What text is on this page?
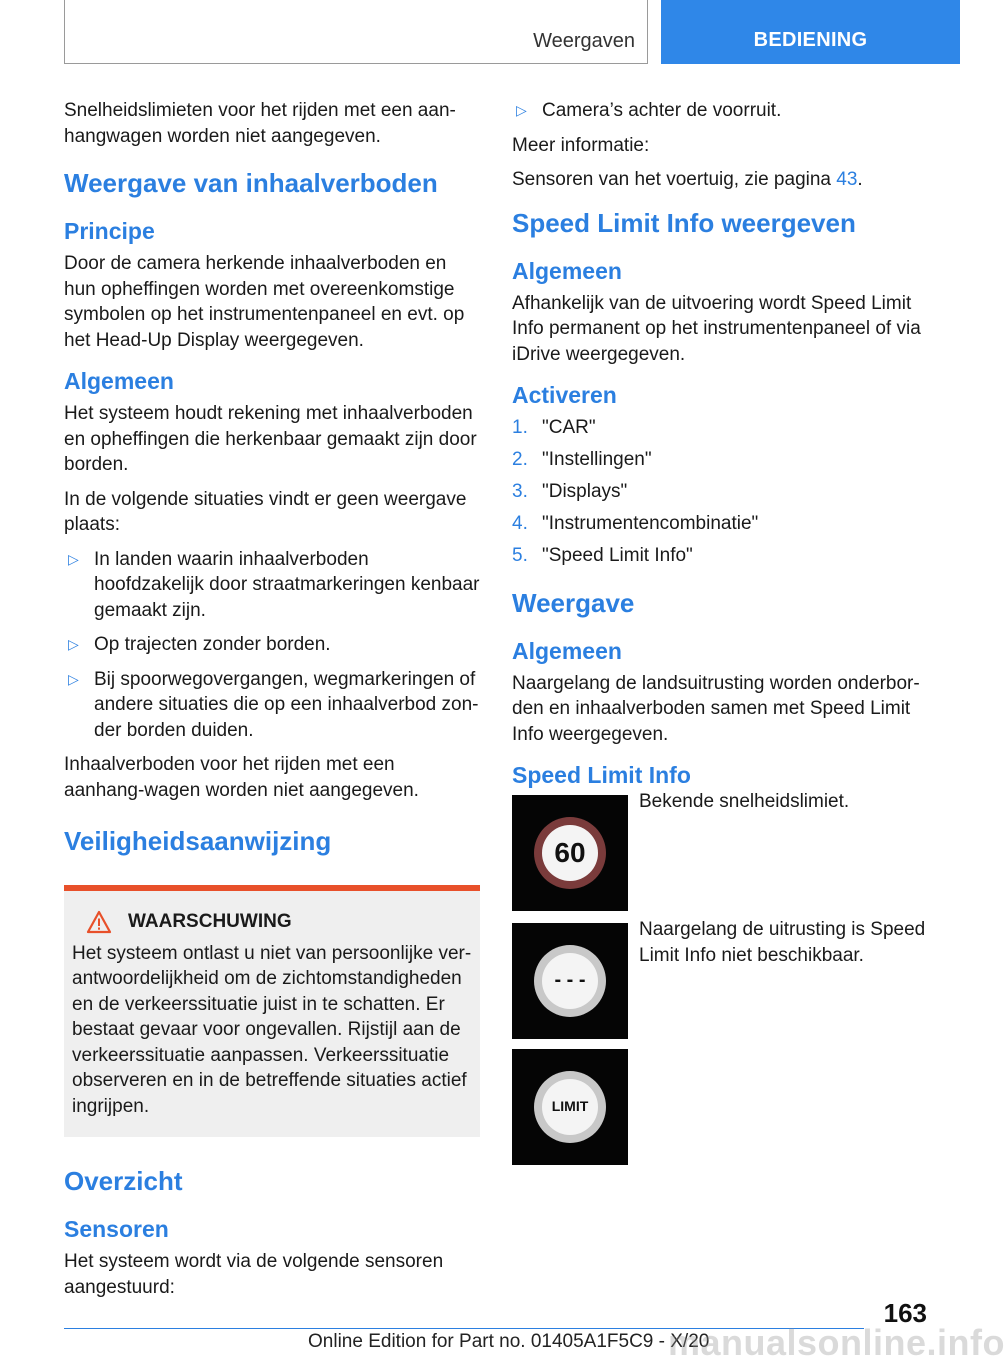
Weergaven	BEDIENING

Snelheidslimieten voor het rijden met een aan-hangwagen worden niet aangegeven.

Weergave van inhaalverboden
Principe

Door de camera herkende inhaalverboden en hun opheffingen worden met overeenkomstige symbolen op het instrumentenpaneel en evt. op het Head-Up Display weergegeven.

Algemeen

Het systeem houdt rekening met inhaalverboden en opheffingen die herkenbaar gemaakt zijn door borden.

In de volgende situaties vindt er geen weergave plaats:

▷ In landen waarin inhaalverboden hoofdzakelijk door straatmarkeringen kenbaar gemaakt zijn.
▷ Op trajecten zonder borden.
▷ Bij spoorwegovergangen, wegmarkeringen of andere situaties die op een inhaalverbod zon-der borden duiden.

Inhaalverboden voor het rijden met een aanhang-wagen worden niet aangegeven.

Veiligheidsaanwijzing
WAARSCHUWING
Het systeem ontlast u niet van persoonlijke ver-antwoordelijkheid om de zichtomstandigheden en de verkeerssituatie juist in te schatten. Er bestaat gevaar voor ongevallen. Rijstijl aan de verkeerssituatie aanpassen. Verkeerssituatie observeren en in de betreffende situaties actief ingrijpen.
Overzicht
Sensoren

Het systeem wordt via de volgende sensoren aangestuurd:

▷ Camera’s achter de voorruit.

Meer informatie:

Sensoren van het voertuig, zie pagina 43.

Speed Limit Info weergeven
Algemeen

Afhankelijk van de uitvoering wordt Speed Limit Info permanent op het instrumentenpaneel of via iDrive weergegeven.

Activeren
1. "CAR"
2. "Instellingen"
3. "Displays"
4. "Instrumentencombinatie"
5. "Speed Limit Info"
Weergave
Algemeen

Naargelang de landsuitrusting worden onderbor-den en inhaalverboden samen met Speed Limit Info weergegeven.

Speed Limit Info
60
Bekende snelheidslimiet.
- - -
Naargelang de uitrusting is Speed Limit Info niet beschikbaar.
LIMIT
163
Online Edition for Part no. 01405A1F5C9 - X/20
manualsonline.info
